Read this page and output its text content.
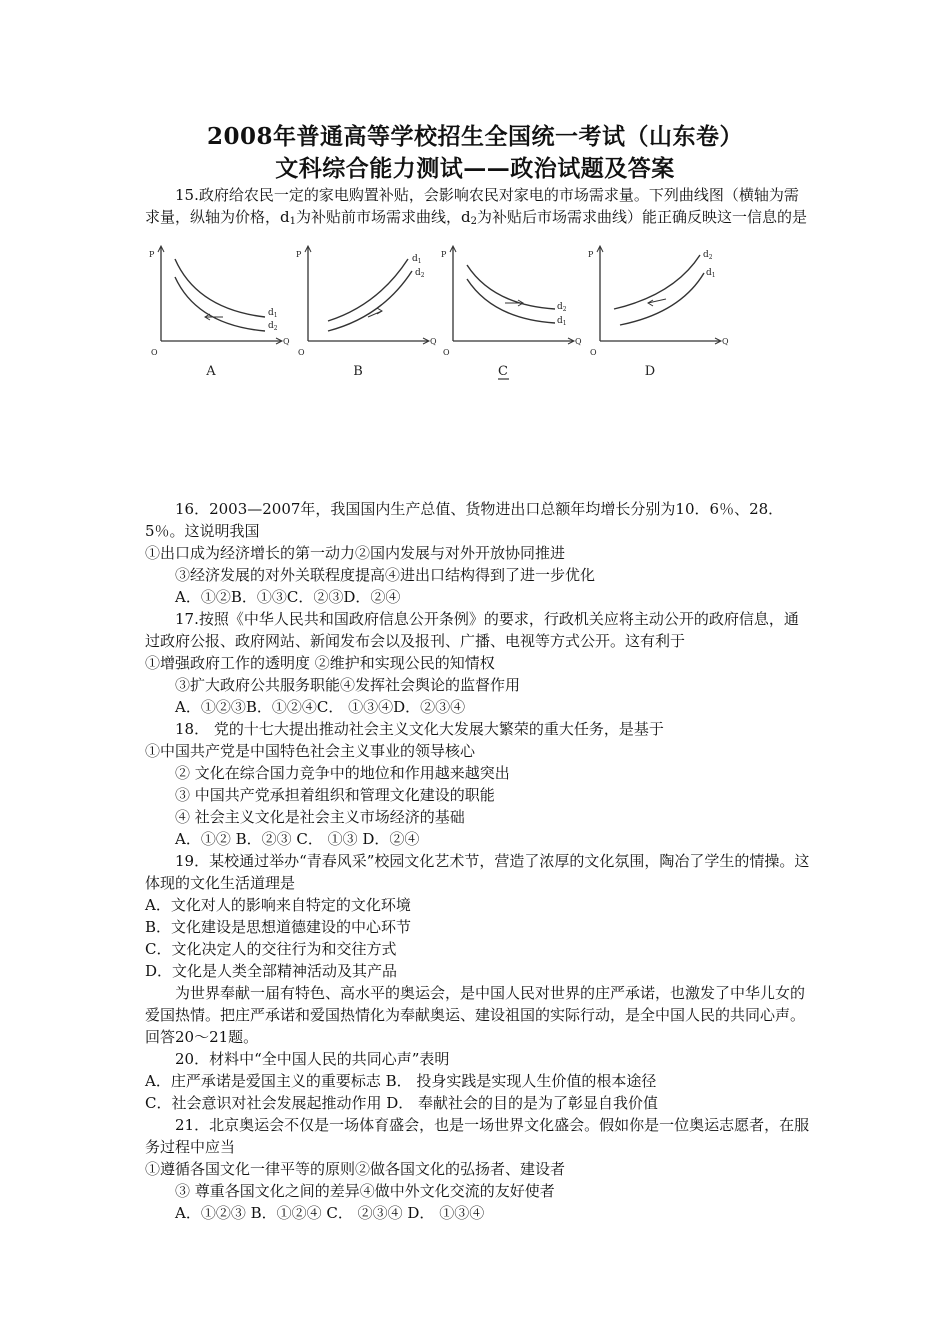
2008年普通高等学校招生全国统一考试（山东卷）
文科综合能力测试——政治试题及答案

15.政府给农民一定的家电购置补贴，会影响农民对家电的市场需求量。下列曲线图（横轴为需求量，纵轴为价格，$d_1$为补贴前市场需求曲线，$d_2$为补贴后市场需求曲线）能正确反映这一信息的是

P
Q
O
A
$d_1$
$d_2$
P
Q
O
B
$d_1$
$d_2$
P
Q
O
C
$d_2$
$d_1$
P
Q
O
D
$d_2$
$d_1$

16．2003—2007年，我国国内生产总值、货物进出口总额年均增长分别为10．6％、28．5％。这说明我国

①出口成为经济增长的第一动力②国内发展与对外开放协同推进

③经济发展的对外关联程度提高④进出口结构得到了进一步优化

A．①②B．①③C．②③D．②④

17.按照《中华人民共和国政府信息公开条例》的要求，行政机关应将主动公开的政府信息，通过政府公报、政府网站、新闻发布会以及报刊、广播、电视等方式公开。这有利于

①增强政府工作的透明度 ②维护和实现公民的知情权

③扩大政府公共服务职能④发挥社会舆论的监督作用

A．①②③B．①②④C． ①③④D．②③④

18． 党的十七大提出推动社会主义文化大发展大繁荣的重大任务，是基于

①中国共产党是中国特色社会主义事业的领导核心

② 文化在综合国力竞争中的地位和作用越来越突出

③ 中国共产党承担着组织和管理文化建设的职能

④ 社会主义文化是社会主义市场经济的基础

A．①② B．②③ C． ①③ D．②④

19．某校通过举办“青春风采”校园文化艺术节，营造了浓厚的文化氛围，陶冶了学生的情操。这体现的文化生活道理是

A．文化对人的影响来自特定的文化环境

B．文化建设是思想道德建设的中心环节

C．文化决定人的交往行为和交往方式

D．文化是人类全部精神活动及其产品

为世界奉献一届有特色、高水平的奥运会，是中国人民对世界的庄严承诺，也激发了中华儿女的爱国热情。把庄严承诺和爱国热情化为奉献奥运、建设祖国的实际行动，是全中国人民的共同心声。回答20～21题。

20．材料中“全中国人民的共同心声”表明

A．庄严承诺是爱国主义的重要标志 B． 投身实践是实现人生价值的根本途径

C．社会意识对社会发展起推动作用 D． 奉献社会的目的是为了彰显自我价值

21．北京奥运会不仅是一场体育盛会，也是一场世界文化盛会。假如你是一位奥运志愿者，在服务过程中应当

①遵循各国文化一律平等的原则②做各国文化的弘扬者、建设者

③ 尊重各国文化之间的差异④做中外文化交流的友好使者

A．①②③ B．①②④ C． ②③④ D． ①③④
